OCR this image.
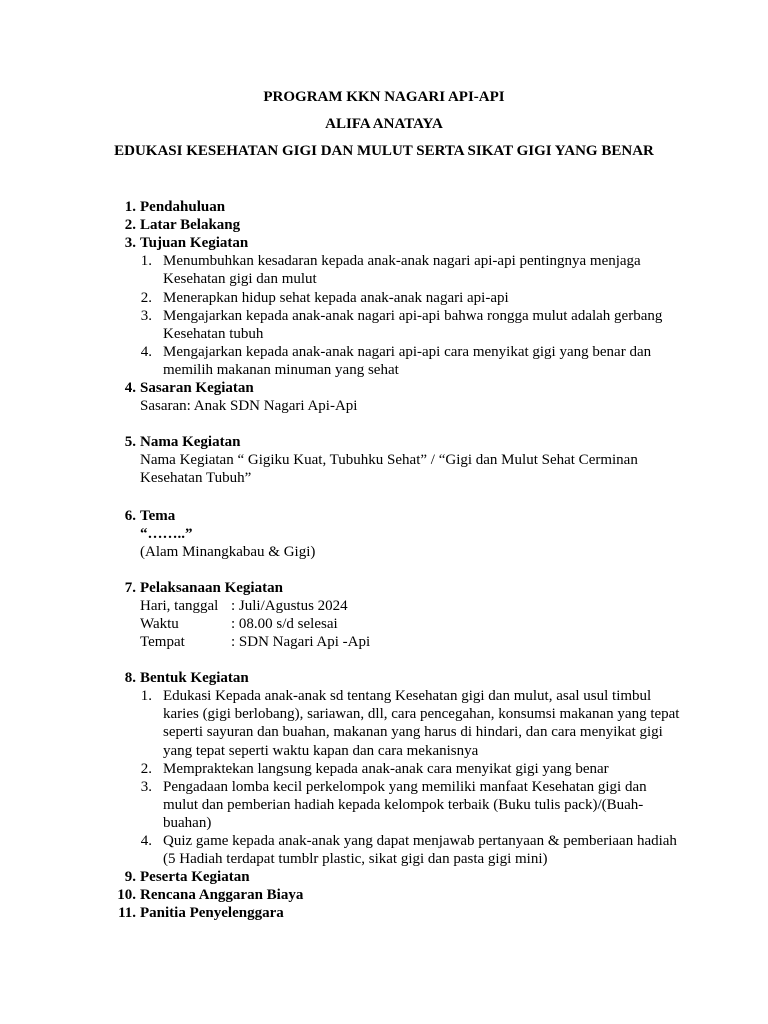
PROGRAM KKN NAGARI API-API
ALIFA ANATAYA
EDUKASI KESEHATAN GIGI DAN MULUT SERTA SIKAT GIGI YANG BENAR
1. Pendahuluan
2. Latar Belakang
3. Tujuan Kegiatan
1. Menumbuhkan kesadaran kepada anak-anak nagari api-api pentingnya menjaga Kesehatan gigi dan mulut
2. Menerapkan hidup sehat kepada anak-anak nagari api-api
3. Mengajarkan kepada anak-anak nagari api-api bahwa rongga mulut adalah gerbang Kesehatan tubuh
4. Mengajarkan kepada anak-anak nagari api-api cara menyikat gigi yang benar dan memilih makanan minuman yang sehat
4. Sasaran Kegiatan
Sasaran: Anak SDN Nagari Api-Api
5. Nama Kegiatan
Nama Kegiatan “ Gigiku Kuat, Tubuhku Sehat” / “Gigi dan Mulut Sehat Cerminan Kesehatan Tubuh”
6. Tema
“……..”
(Alam Minangkabau & Gigi)
7. Pelaksanaan Kegiatan
Hari, tanggal : Juli/Agustus 2024
Waktu	: 08.00 s/d selesai
Tempat	: SDN Nagari Api -Api
8. Bentuk Kegiatan
1. Edukasi Kepada anak-anak sd tentang Kesehatan gigi dan mulut, asal usul timbul karies (gigi berlobang), sariawan, dll, cara pencegahan, konsumsi makanan yang tepat seperti sayuran dan buahan, makanan yang harus di hindari, dan cara menyikat gigi yang tepat seperti waktu kapan dan cara mekanisnya
2. Mempraktekan langsung kepada anak-anak cara menyikat gigi yang benar
3. Pengadaan lomba kecil perkelompok yang memiliki manfaat Kesehatan gigi dan mulut dan pemberian hadiah kepada kelompok terbaik (Buku tulis pack)/(Buah-buahan)
4. Quiz game kepada anak-anak yang dapat menjawab pertanyaan & pemberiaan hadiah (5 Hadiah terdapat tumblr plastic, sikat gigi dan pasta gigi mini)
9. Peserta Kegiatan
10. Rencana Anggaran Biaya
11. Panitia Penyelenggara
